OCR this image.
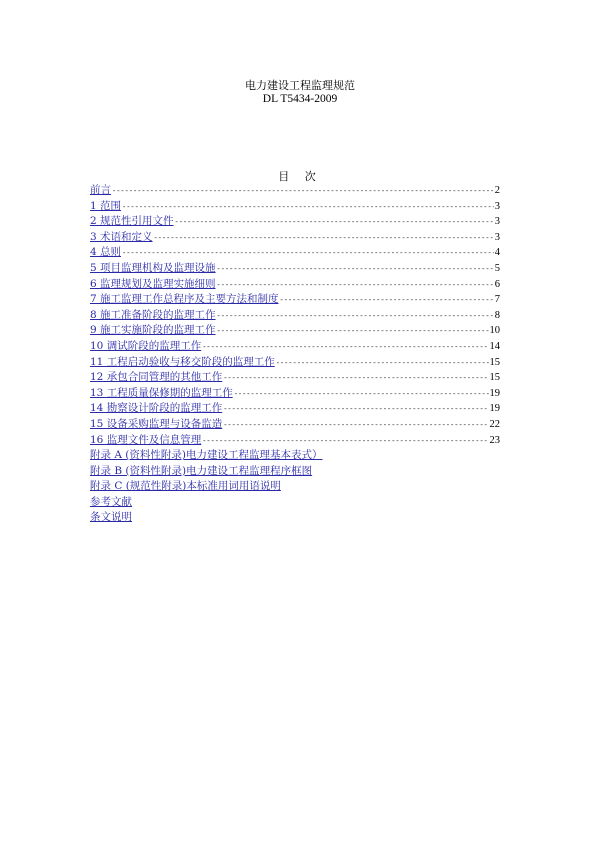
电力建设工程监理规范
DL T5434-2009
目 次
前言 -----	2
1 范围 -----	3
2 规范性引用文件 -----	3
3 术语和定义 -----	3
4 总则 -----	4
5 项目监理机构及监理设施 -----	5
6 监理规划及监理实施细则 -----	6
7 施工监理工作总程序及主要方法和制度 -----	7
8 施工准备阶段的监理工作 -----	8
9 施工实施阶段的监理工作 -----	10
10 调试阶段的监理工作 -----	14
11 工程启动验收与移交阶段的监理工作 -----	15
12 承包合同管理的其他工作 -----	15
13 工程质量保修期的监理工作 -----	19
14 勘察设计阶段的监理工作 -----	19
15 设备采购监理与设备监造 -----	22
16 监理文件及信息管理 -----	23
附录 A (资料性附录)电力建设工程监理基本表式）
附录 B (资料性附录)电力建设工程监理程序框图
附录 C (规范性附录)本标准用词用语说明
参考文献
条文说明
